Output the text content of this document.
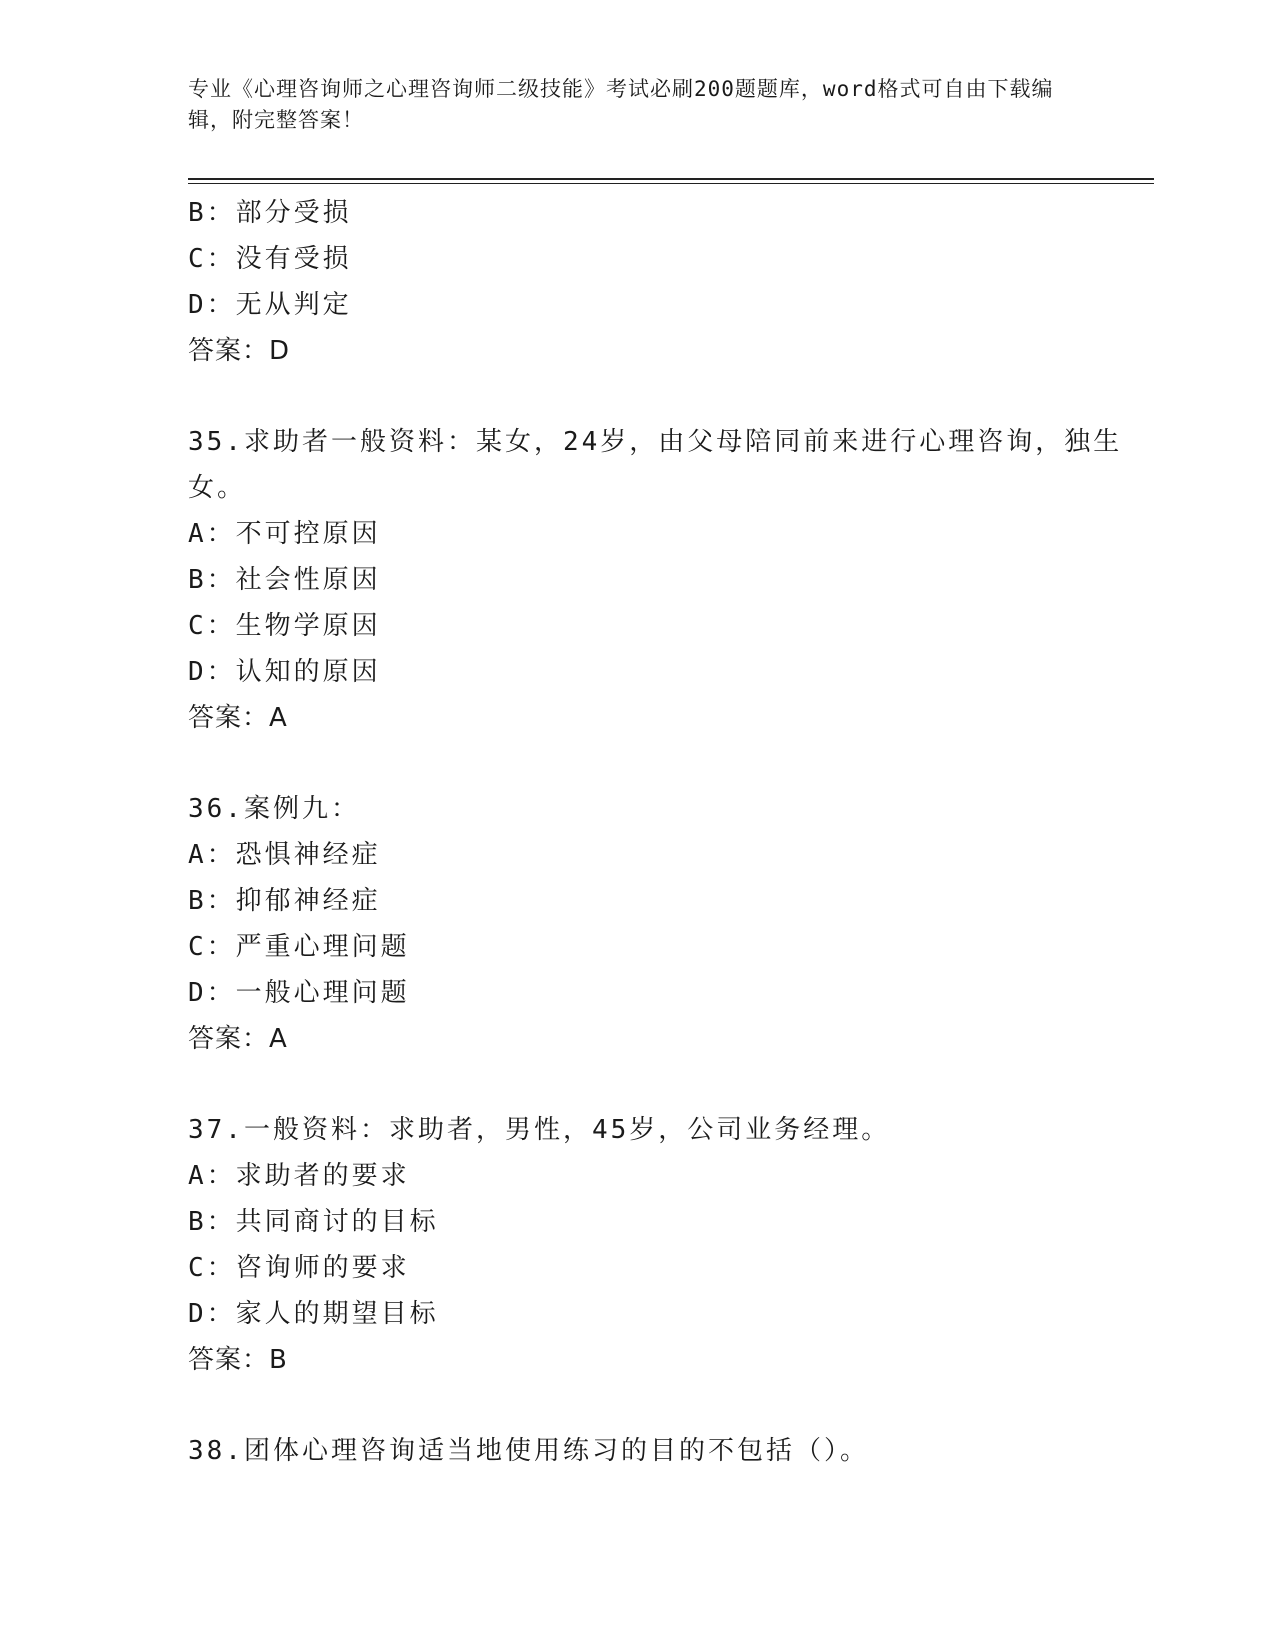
专业《心理咨询师之心理咨询师二级技能》考试必刷200题题库，word格式可自由下载编辑，附完整答案！
B：部分受损
C：没有受损
D：无从判定
答案：D
35.求助者一般资料：某女，24岁，由父母陪同前来进行心理咨询，独生女。
A：不可控原因
B：社会性原因
C：生物学原因
D：认知的原因
答案：A
36.案例九：
A：恐惧神经症
B：抑郁神经症
C：严重心理问题
D：一般心理问题
答案：A
37.一般资料：求助者，男性，45岁，公司业务经理。
A：求助者的要求
B：共同商讨的目标
C：咨询师的要求
D：家人的期望目标
答案：B
38.团体心理咨询适当地使用练习的目的不包括（）。
